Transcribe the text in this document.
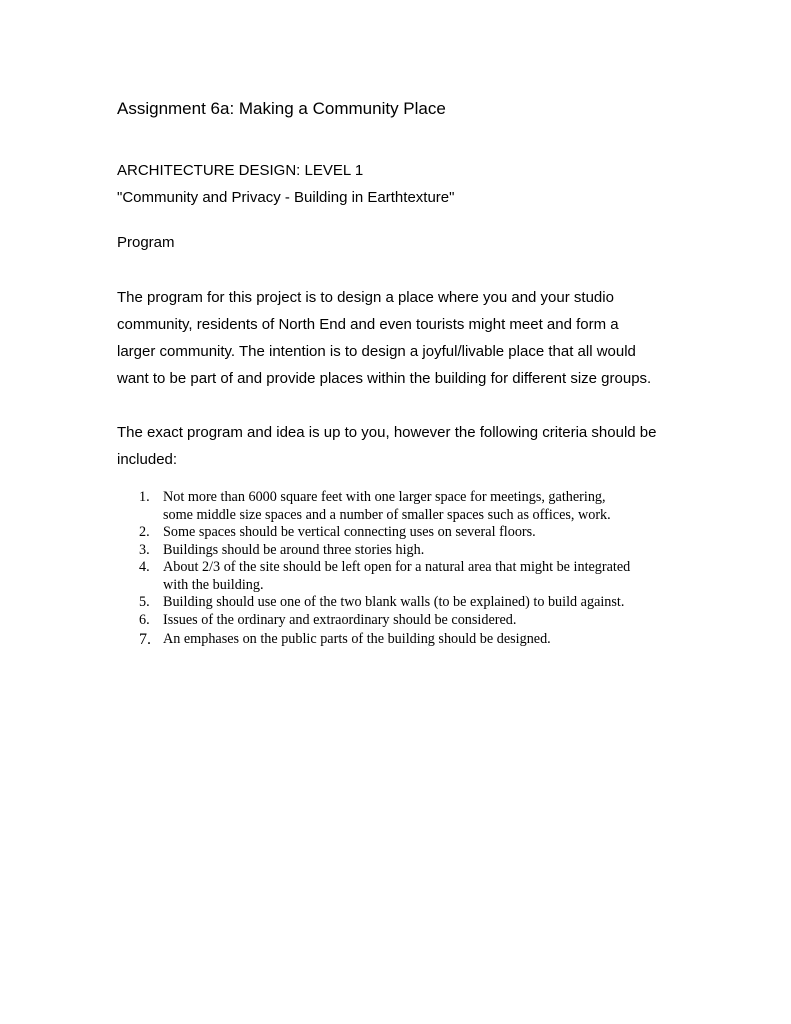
Assignment 6a: Making a Community Place
ARCHITECTURE DESIGN: LEVEL 1
"Community and Privacy - Building in Earthtexture"
Program
The program for this project is to design a place where you and your studio
community, residents of North End and even tourists might meet and form a
larger community. The intention is to design a joyful/livable place that all would
want to be part of and provide places within the building for different size groups.
The exact program and idea is up to you, however the following criteria should be
included:
1. Not more than 6000 square feet with one larger space for meetings, gathering,
some middle size spaces and a number of smaller spaces such as offices, work.
2. Some spaces should be vertical connecting uses on several floors.
3. Buildings should be around three stories high.
4. About 2/3 of the site should be left open for a natural area that might be integrated
with the building.
5. Building should use one of the two blank walls (to be explained) to build against.
6. Issues of the ordinary and extraordinary should be considered.
7. An emphases on the public parts of the building should be designed.
